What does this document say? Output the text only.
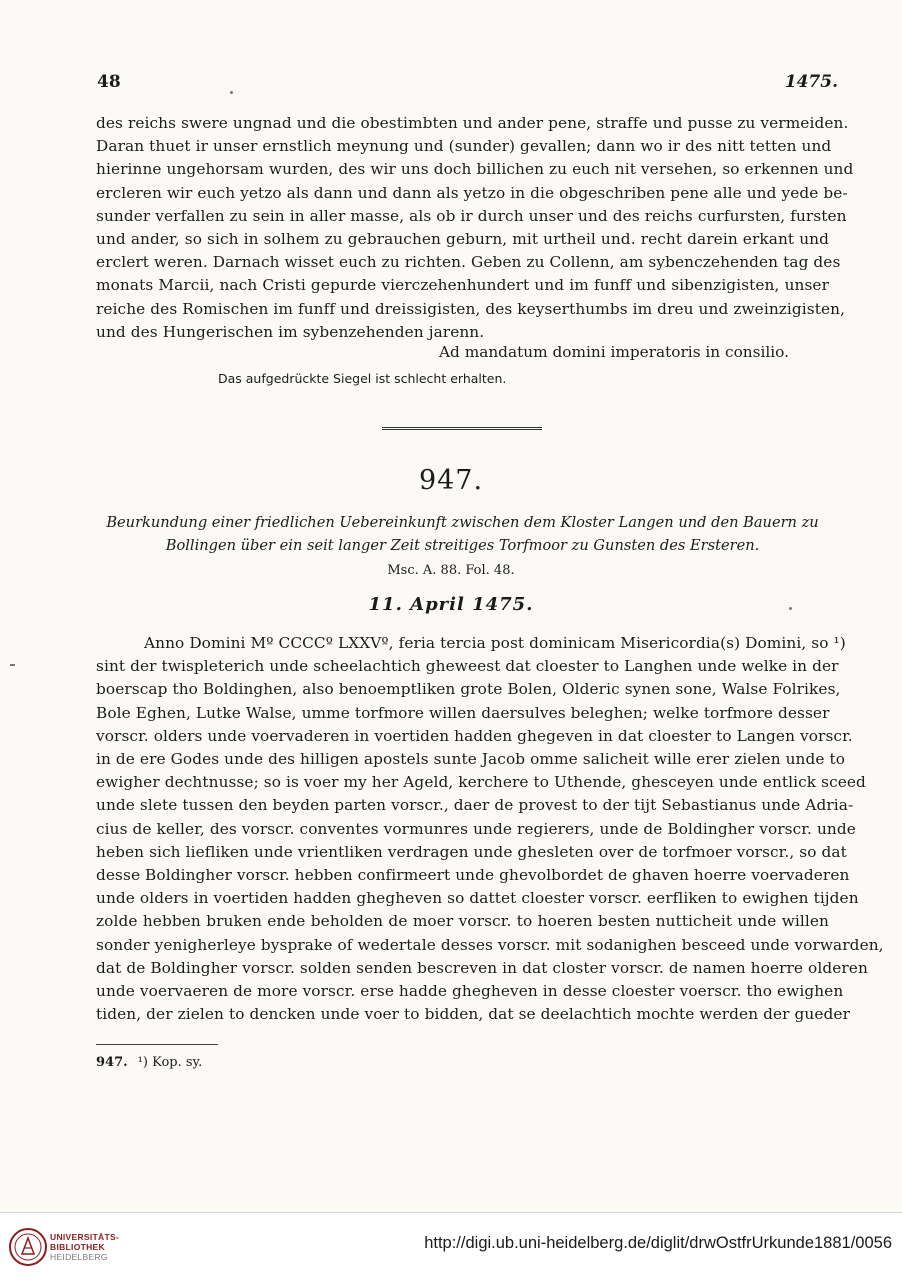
48	1475.
des reichs swere ungnad und die obestimbten und ander pene, straffe und pusse zu vermeiden.
Daran thuet ir unser ernstlich meynung und (sunder) gevallen; dann wo ir des nitt tetten und
hierinne ungehorsam wurden, des wir uns doch billichen zu euch nit versehen, so erkennen und
ercleren wir euch yetzo als dann und dann als yetzo in die obgeschriben pene alle und yede be-
sunder verfallen zu sein in aller masse, als ob ir durch unser und des reichs curfursten, fursten
und ander, so sich in solhem zu gebrauchen geburn, mit urtheil und. recht darein erkant und
erclert weren. Darnach wisset euch zu richten. Geben zu Collenn, am sybenczehenden tag des
monats Marcii, nach Cristi gepurde vierczehenhundert und im funff und sibenzigisten, unser
reiche des Romischen im funff und dreissigisten, des keyserthumbs im dreu und zweinzigisten,
und des Hungerischen im sybenzehenden jarenn.
Ad mandatum domini imperatoris in consilio.
Das aufgedrückte Siegel ist schlecht erhalten.
947.
Beurkundung einer friedlichen Uebereinkunft zwischen dem Kloster Langen und den Bauern zu
Bollingen über ein seit langer Zeit streitiges Torfmoor zu Gunsten des Ersteren.
Msc. A. 88. Fol. 48.
11. April 1475.
Anno Domini Mº CCCCº LXXVº, feria tercia post dominicam Misericordia(s) Domini, so ¹)
sint der twispleterich unde scheelachtich gheweest dat cloester to Langhen unde welke in der
boerscap tho Boldinghen, also benoemptliken grote Bolen, Olderic synen sone, Walse Folrikes,
Bole Eghen, Lutke Walse, umme torfmore willen daersulves beleghen; welke torfmore desser
vorscr. olders unde voervaderen in voertiden hadden ghegeven in dat cloester to Langen vorscr.
in de ere Godes unde des hilligen apostels sunte Jacob omme salicheit wille erer zielen unde to
ewigher dechtnusse; so is voer my her Ageld, kerchere to Uthende, ghesceyen unde entlick sceed
unde slete tussen den beyden parten vorscr., daer de provest to der tijt Sebastianus unde Adria-
cius de keller, des vorscr. conventes vormunres unde regierers, unde de Boldingher vorscr. unde
heben sich liefliken unde vrientliken verdragen unde ghesleten over de torfmoer vorscr., so dat
desse Boldingher vorscr. hebben confirmeert unde ghevolbordet de ghaven hoerre voervaderen
unde olders in voertiden hadden ghegheven so dattet cloester vorscr. eerfliken to ewighen tijden
zolde hebben bruken ende beholden de moer vorscr. to hoeren besten nutticheit unde willen
sonder yenigherleye bysprake of wedertale desses vorscr. mit sodanighen besceed unde vorwarden,
dat de Boldingher vorscr. solden senden bescreven in dat closter vorscr. de namen hoerre olderen
unde voervaeren de more vorscr. erse hadde ghegheven in desse cloester voerscr. tho ewighen
tiden, der zielen to dencken unde voer to bidden, dat se deelachtich mochte werden der gueder
947. ¹) Kop. sy.
UNIVERSITÄTS-
BIBLIOTHEK
HEIDELBERG
http://digi.ub.uni-heidelberg.de/diglit/drwOstfrUrkunde1881/0056
